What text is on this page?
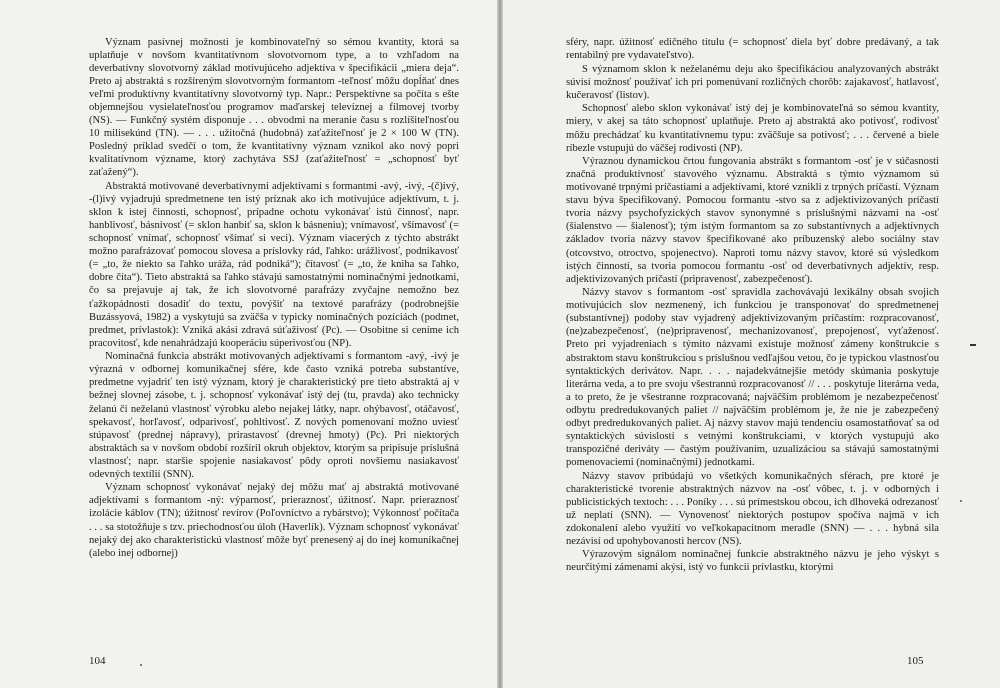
Význam pasívnej možnosti je kombinovateľný so sémou kvantity, ktorá sa uplatňuje v novšom kvantitatívnom slovotvornom type, a to vzhľadom na deverbatívny slovotvorný základ motivujúceho adjektíva v špecifikácii „miera deja“. Preto aj abstraktá s rozšíreným slovotvorným formantom -teľnosť môžu dopĺňať dnes veľmi produktívny kvantitatívny slovotvorný typ. Napr.: Perspektívne sa počíta s ešte objemnejšou vysielateľnosťou programov maďarskej televíznej a filmovej tvorby (NS). — Funkčný systém disponuje . . . obvodmi na meranie času s rozlíšiteľnosťou 10 milisekúnd (TN). — . . . užitočná (hudobná) zaťažiteľnosť je 2 × 100 W (TN). Posledný príklad svedčí o tom, že kvantitatívny význam vznikol ako nový popri kvalitatívnom význame, ktorý zachytáva SSJ (zaťažiteľnosť = „schopnosť byť zaťažený“).

Abstraktá motivované deverbatívnymi adjektívami s formantmi -avý, -ivý, -(č)ivý, -(l)ivý vyjadrujú spredmetnene ten istý príznak ako ich motivujúce adjektívum, t. j. sklon k istej činnosti, schopnosť, prípadne ochotu vykonávať istú činnosť, napr. hanblivosť, básnivosť (= sklon hanbiť sa, sklon k básneniu); vnímavosť, všímavosť (= schopnosť vnímať, schopnosť všímať si veci). Význam viacerých z týchto abstrákt možno parafrázovať pomocou slovesa a príslovky rád, ľahko: urážlivosť, podnikavosť (= „to, že niekto sa ľahko uráža, rád podniká“); čítavosť (= „to, že kniha sa ľahko, dobre číta“). Tieto abstraktá sa ľahko stávajú samostatnými nominačnými jednotkami, čo sa prejavuje aj tak, že ich slovotvorné parafrázy zvyčajne nemožno bez ťažkopádnosti dosadiť do textu, povýšiť na textové parafrázy (podrobnejšie Buzássyová, 1982) a vyskytujú sa zväčša v typicky nominačných pozíciách (podmet, predmet, prívlastok): Vzniká akási zdravá súťaživosť (Pc). — Osobitne si ceníme ich pracovitosť, kde nenahrádzajú kooperáciu súperivosťou (NP).

Nominačná funkcia abstrákt motivovaných adjektívami s formantom -avý, -ivý je výrazná v odbornej komunikačnej sfére, kde často vzniká potreba substantíve, predmetne vyjadriť ten istý význam, ktorý je charakteristický pre tieto abstraktá aj v bežnej slovnej zásobe, t. j. schopnosť vykonávať istý dej (tu, pravda) ako technicky želanú či neželanú vlastnosť výrobku alebo nejakej látky, napr. ohýbavosť, otáčavosť, spekavosť, horľavosť, odparivosť, pohltivosť. Z nových pomenovaní možno uviesť stúpavosť (prednej nápravy), prirastavosť (drevnej hmoty) (Pc). Pri niektorých abstraktách sa v novšom období rozšíril okruh objektov, ktorým sa pripisuje príslušná vlastnosť; napr. staršie spojenie nasiakavosť pôdy oproti novšiemu nasiakavosť odevných textílií (SNN).

Význam schopnosť vykonávať nejaký dej môžu mať aj abstraktá motivované adjektívami s formantom -ný: výparnosť, prieraznosť, úžitnosť. Napr. prieraznosť izolácie káblov (TN); úžitnosť revírov (Poľovníctvo a rybárstvo); Výkonnosť počítača . . . sa stotožňuje s tzv. priechodnosťou úloh (Haverlík). Význam schopnosť vykonávať nejaký dej ako charakteristickú vlastnosť môže byť prenesený aj do inej komunikačnej (alebo inej odbornej)

104

sféry, napr. úžitnosť edičného titulu (= schopnosť diela byť dobre predávaný, a tak rentabilný pre vydavateľstvo).

S významom sklon k neželanému deju ako špecifikáciou analyzovaných abstrákt súvisí možnosť používať ich pri pomenúvaní rozličných chorôb: zajakavosť, hatlavosť, kučeravosť (listov).

Schopnosť alebo sklon vykonávať istý dej je kombinovateľná so sémou kvantity, miery, v akej sa táto schopnosť uplatňuje. Preto aj abstraktá ako potivosť, rodivosť môžu prechádzať ku kvantitatívnemu typu: zväčšuje sa potivosť; . . . červené a biele ríbezle vstupujú do väčšej rodivosti (NP).

Výraznou dynamickou črtou fungovania abstrákt s formantom -osť je v súčasnosti značná produktívnosť stavového významu. Abstraktá s týmto významom sú motivované trpnými príčastiami a adjektívami, ktoré vznikli z trpných príčastí. Význam stavu býva špecifikovaný. Pomocou formantu -stvo sa z adjektivizovaných príčastí tvoria názvy psychofyzických stavov synonymné s príslušnými názvami na -osť (šialenstvo — šialenosť); tým istým formantom sa zo substantívnych a adjektívnych základov tvoria názvy stavov špecifikované ako príbuzenský alebo sociálny stav (otcovstvo, otroctvo, spojenectvo). Naproti tomu názvy stavov, ktoré sú výsledkom istých činností, sa tvoria pomocou formantu -osť od deverbatívnych adjektív, resp. adjektivizovaných príčastí (pripravenosť, zabezpečenosť).

Názvy stavov s formantom -osť spravidla zachovávajú lexikálny obsah svojich motivujúcich slov nezmenený, ich funkciou je transponovať do spredmetnenej (substantívnej) podoby stav vyjadrený adjektivizovaným príčastím: rozpracovanosť, (ne)zabezpečenosť, (ne)pripravenosť, mechanizovanosť, prepojenosť, vyťaženosť. Preto pri vyjadreniach s týmito názvami existuje možnosť zámeny konštrukcie s abstraktom stavu konštrukciou s príslušnou vedľajšou vetou, čo je typickou vlastnosťou syntaktických derivátov. Napr. . . . najadekvátnejšie metódy skúmania poskytuje literárna veda, a to pre svoju všestrannú rozpracovanosť // . . . poskytuje literárna veda, a to preto, že je všestranne rozpracovaná; najväčším problémom je nezabezpečenosť odbytu predredukovaných paliet // najväčším problémom je, že nie je zabezpečený odbyt predredukovaných paliet. Aj názvy stavov majú tendenciu osamostatňovať sa od syntaktických súvislostí s vetnými konštrukciami, v ktorých vystupujú ako transpozičné deriváty — častým používaním, uzualizáciou sa stávajú samostatnými pomenovaciemi (nominačnými) jednotkami.

Názvy stavov pribúdajú vo všetkých komunikačných sférach, pre ktoré je charakteristické tvorenie abstraktných názvov na -osť vôbec, t. j. v odborných i publicistických textoch: . . . Poníky . . . sú prímestskou obcou, ich dlhoveká odrezanosť už neplatí (SNN). — Vynovenosť niektorých postupov spočíva najmä v ich zdokonalení alebo využití vo veľkokapacitnom meradle (SNN) — . . . hybná sila nezávisí od upohybovanosti hercov (NS).

Výrazovým signálom nominačnej funkcie abstraktného názvu je jeho výskyt s neurčitými zámenami akýsi, istý vo funkcii prívlastku, ktorými

105
